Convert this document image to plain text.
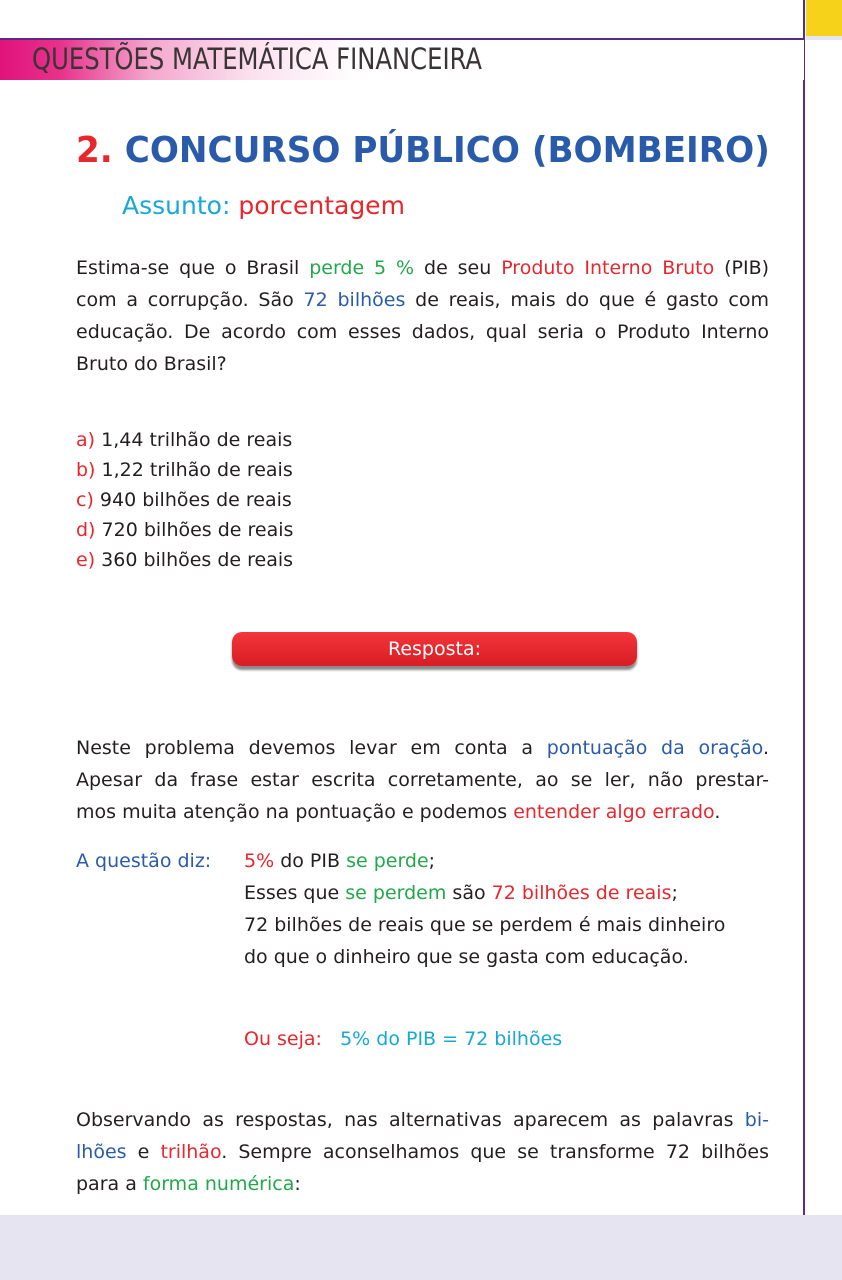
QUESTÕES MATEMÁTICA FINANCEIRA
2. CONCURSO PÚBLICO (BOMBEIRO)
Assunto: porcentagem
Estima-se que o Brasil perde 5 % de seu Produto Interno Bruto (PIB)
com a corrupção. São 72 bilhões de reais, mais do que é gasto com
educação. De acordo com esses dados, qual seria o Produto Interno
Bruto do Brasil?
a) 1,44 trilhão de reais
b) 1,22 trilhão de reais
c) 940 bilhões de reais
d) 720 bilhões de reais
e) 360 bilhões de reais
Resposta:
Neste problema devemos levar em conta a pontuação da oração.
Apesar da frase estar escrita corretamente, ao se ler, não prestar-
mos muita atenção na pontuação e podemos entender algo errado.
A questão diz: 5% do PIB se perde;
Esses que se perdem são 72 bilhões de reais;
72 bilhões de reais que se perdem é mais dinheiro
do que o dinheiro que se gasta com educação.
Ou seja: 5% do PIB = 72 bilhões
Observando as respostas, nas alternativas aparecem as palavras bi-
lhões e trilhão. Sempre aconselhamos que se transforme 72 bilhões
para a forma numérica:
